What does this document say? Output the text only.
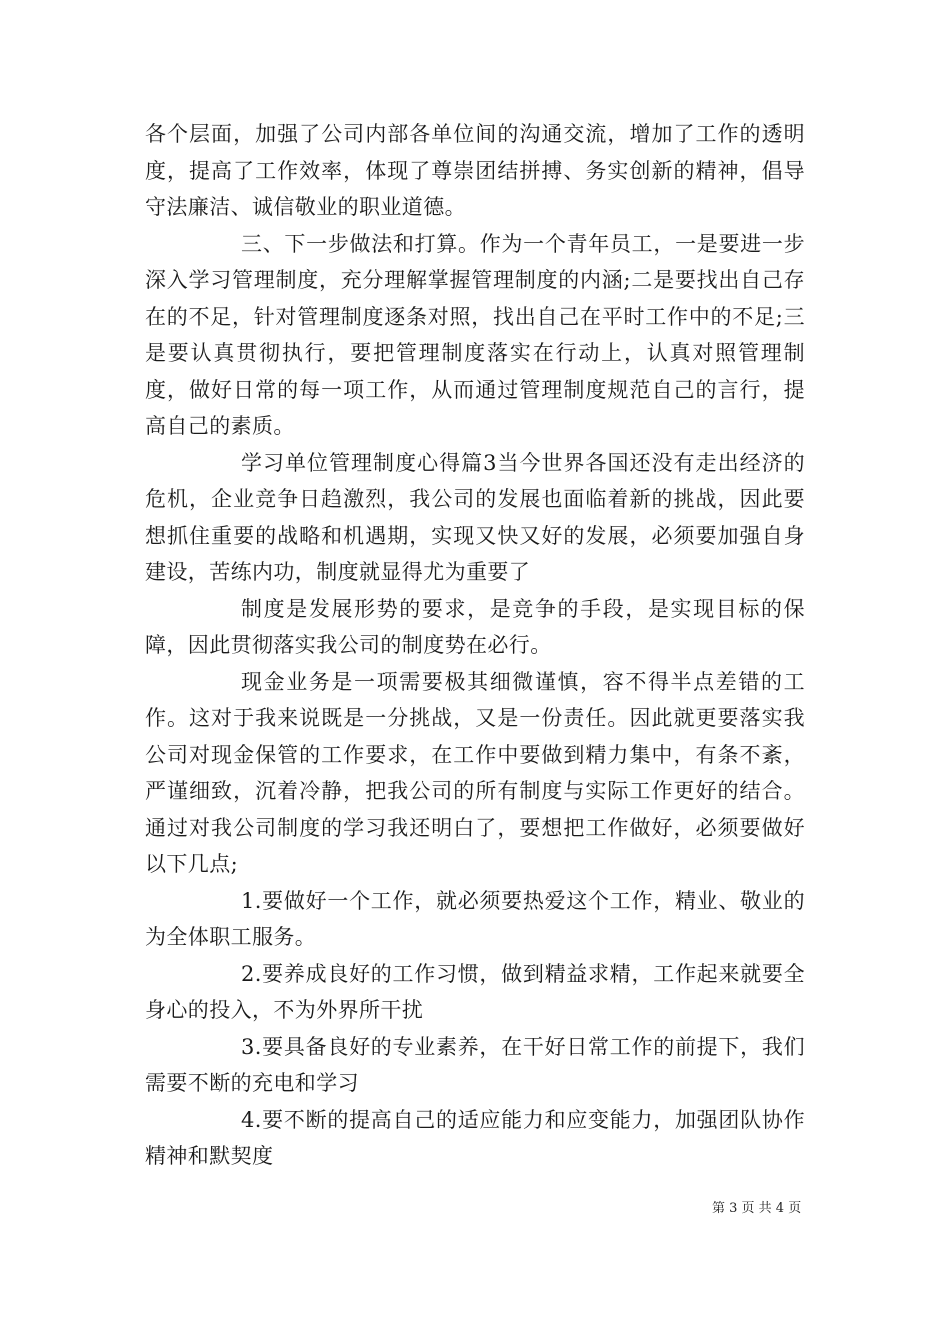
各个层面，加强了公司内部各单位间的沟通交流，增加了工作的透明度，提高了工作效率，体现了尊崇团结拼搏、务实创新的精神，倡导守法廉洁、诚信敬业的职业道德。

三、下一步做法和打算。作为一个青年员工，一是要进一步深入学习管理制度，充分理解掌握管理制度的内涵;二是要找出自己存在的不足，针对管理制度逐条对照，找出自己在平时工作中的不足;三是要认真贯彻执行，要把管理制度落实在行动上，认真对照管理制度，做好日常的每一项工作，从而通过管理制度规范自己的言行，提高自己的素质。

学习单位管理制度心得篇3当今世界各国还没有走出经济的危机，企业竞争日趋激烈，我公司的发展也面临着新的挑战，因此要想抓住重要的战略和机遇期，实现又快又好的发展，必须要加强自身建设，苦练内功，制度就显得尤为重要了

制度是发展形势的要求，是竞争的手段，是实现目标的保障，因此贯彻落实我公司的制度势在必行。

现金业务是一项需要极其细微谨慎，容不得半点差错的工作。这对于我来说既是一分挑战，又是一份责任。因此就更要落实我公司对现金保管的工作要求，在工作中要做到精力集中，有条不紊，严谨细致，沉着冷静，把我公司的所有制度与实际工作更好的结合。通过对我公司制度的学习我还明白了，要想把工作做好，必须要做好以下几点;

1.要做好一个工作，就必须要热爱这个工作，精业、敬业的为全体职工服务。

2.要养成良好的工作习惯，做到精益求精，工作起来就要全身心的投入，不为外界所干扰

3.要具备良好的专业素养，在干好日常工作的前提下，我们需要不断的充电和学习

4.要不断的提高自己的适应能力和应变能力，加强团队协作精神和默契度

第 3 页 共 4 页
